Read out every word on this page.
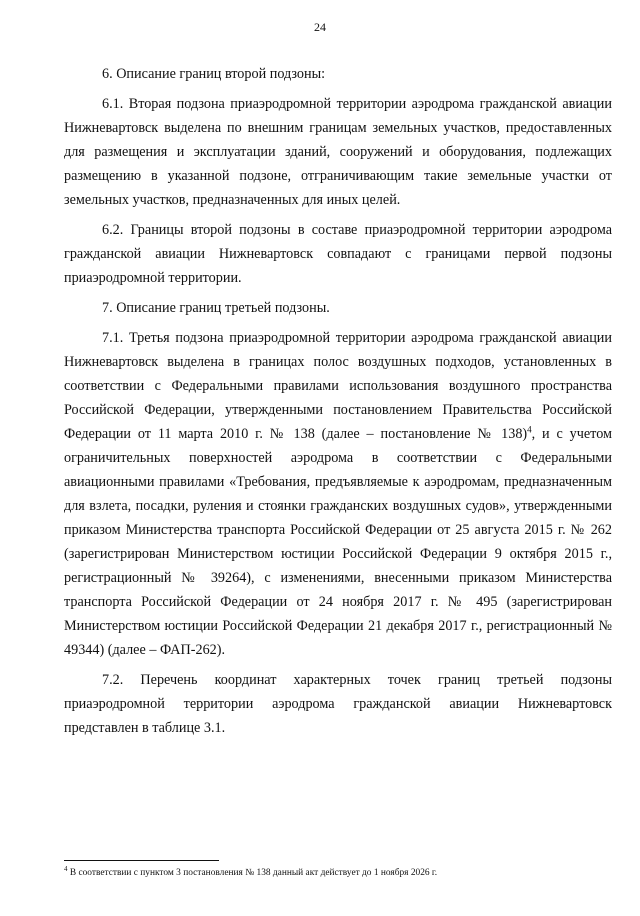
24

6. Описание границ второй подзоны:

6.1. Вторая подзона приаэродромной территории аэродрома гражданской авиации Нижневартовск выделена по внешним границам земельных участков, предоставленных для размещения и эксплуатации зданий, сооружений и оборудования, подлежащих размещению в указанной подзоне, отграничивающим такие земельные участки от земельных участков, предназначенных для иных целей.

6.2. Границы второй подзоны в составе приаэродромной территории аэродрома гражданской авиации Нижневартовск совпадают с границами первой подзоны приаэродромной территории.

7. Описание границ третьей подзоны.

7.1. Третья подзона приаэродромной территории аэродрома гражданской авиации Нижневартовск выделена в границах полос воздушных подходов, установленных в соответствии с Федеральными правилами использования воздушного пространства Российской Федерации, утвержденными постановлением Правительства Российской Федерации от 11 марта 2010 г. № 138 (далее – постановление № 138)$^4$, и с учетом ограничительных поверхностей аэродрома в соответствии с Федеральными авиационными правилами «Требования, предъявляемые к аэродромам, предназначенным для взлета, посадки, руления и стоянки гражданских воздушных судов», утвержденными приказом Министерства транспорта Российской Федерации от 25 августа 2015 г. № 262 (зарегистрирован Министерством юстиции Российской Федерации 9 октября 2015 г., регистрационный № 39264), с изменениями, внесенными приказом Министерства транспорта Российской Федерации от 24 ноября 2017 г. № 495 (зарегистрирован Министерством юстиции Российской Федерации 21 декабря 2017 г., регистрационный № 49344) (далее – ФАП-262).

7.2. Перечень координат характерных точек границ третьей подзоны приаэродромной территории аэродрома гражданской авиации Нижневартовск представлен в таблице 3.1.

$^4$ В соответствии с пунктом 3 постановления № 138 данный акт действует до 1 ноября 2026 г.
